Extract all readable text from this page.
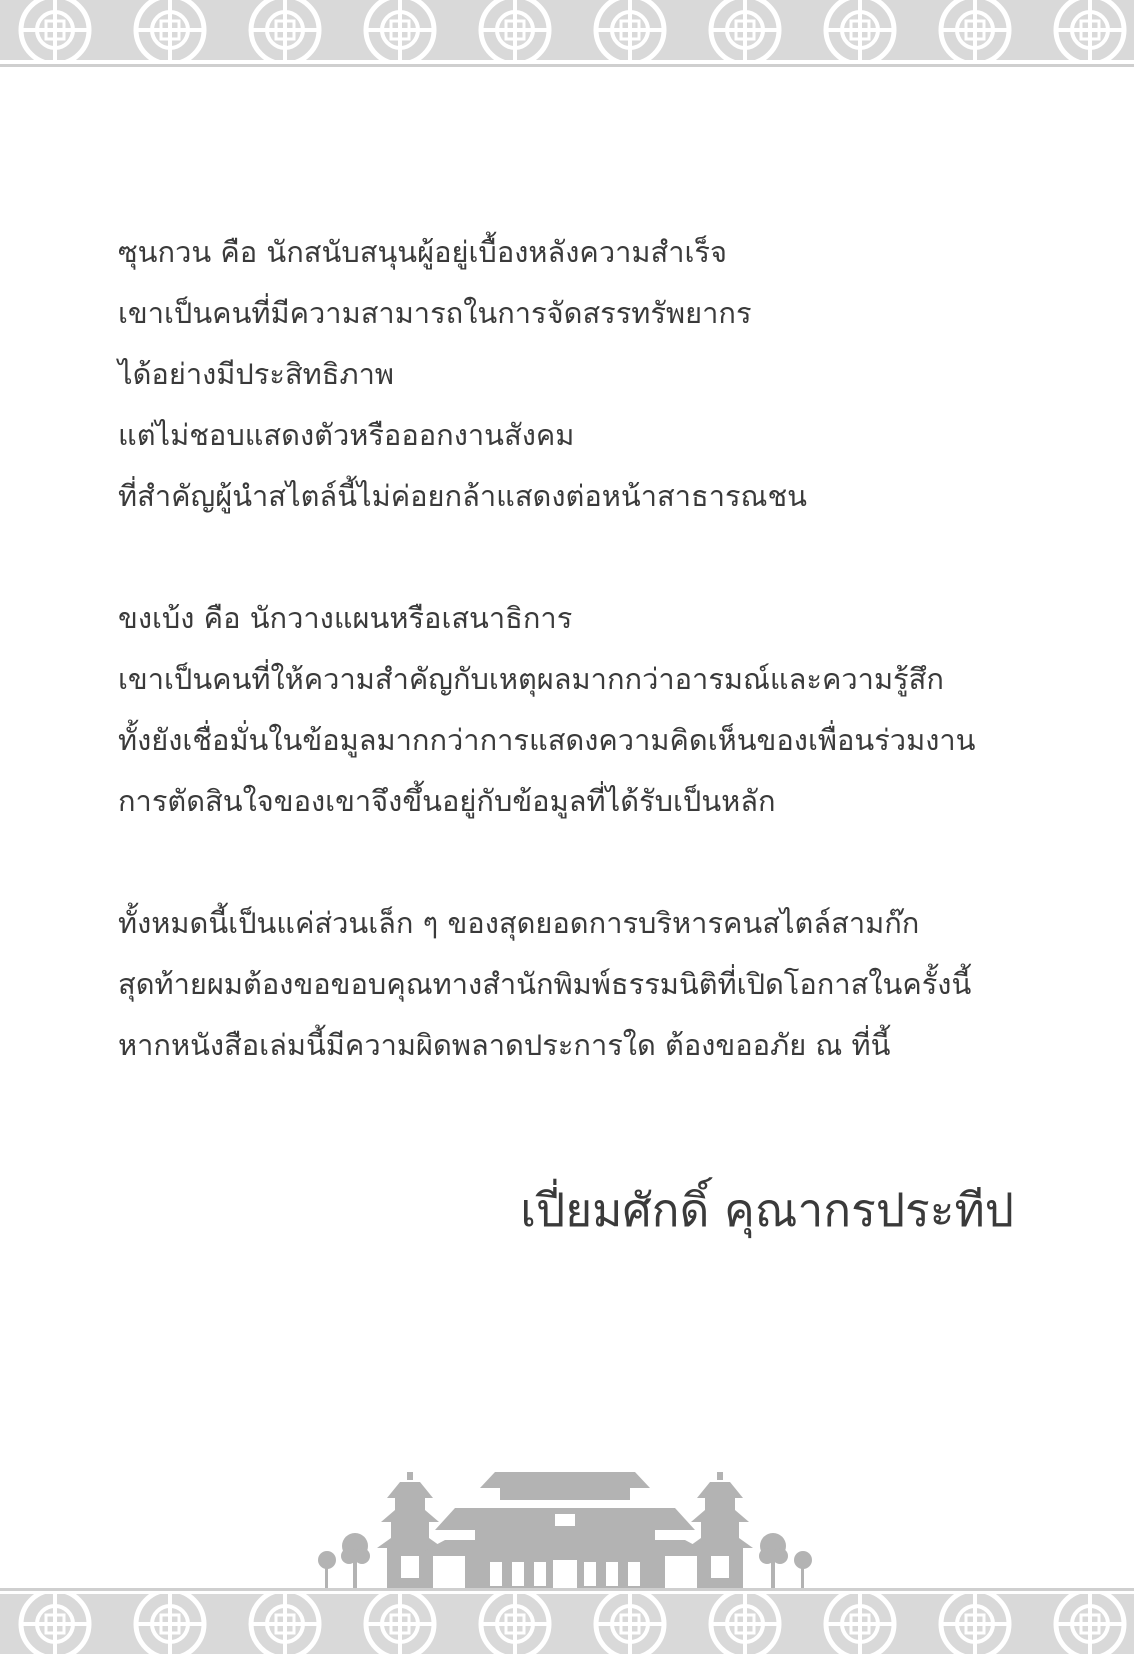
ซุนกวน คือ นักสนับสนุนผู้อยู่เบื้องหลังความสำเร็จ
เขาเป็นคนที่มีความสามารถในการจัดสรรทรัพยากร
ได้อย่างมีประสิทธิภาพ
แต่ไม่ชอบแสดงตัวหรือออกงานสังคม
ที่สำคัญผู้นำสไตล์นี้ไม่ค่อยกล้าแสดงต่อหน้าสาธารณชน
ขงเบ้ง คือ นักวางแผนหรือเสนาธิการ
เขาเป็นคนที่ให้ความสำคัญกับเหตุผลมากกว่าอารมณ์และความรู้สึก
ทั้งยังเชื่อมั่นในข้อมูลมากกว่าการแสดงความคิดเห็นของเพื่อนร่วมงาน
การตัดสินใจของเขาจึงขึ้นอยู่กับข้อมูลที่ได้รับเป็นหลัก
ทั้งหมดนี้เป็นแค่ส่วนเล็ก ๆ ของสุดยอดการบริหารคนสไตล์สามก๊ก
สุดท้ายผมต้องขอขอบคุณทางสำนักพิมพ์ธรรมนิติที่เปิดโอกาสในครั้งนี้
หากหนังสือเล่มนี้มีความผิดพลาดประการใด ต้องขออภัย ณ ที่นี้
เปี่ยมศักดิ์ คุณากรประทีป
